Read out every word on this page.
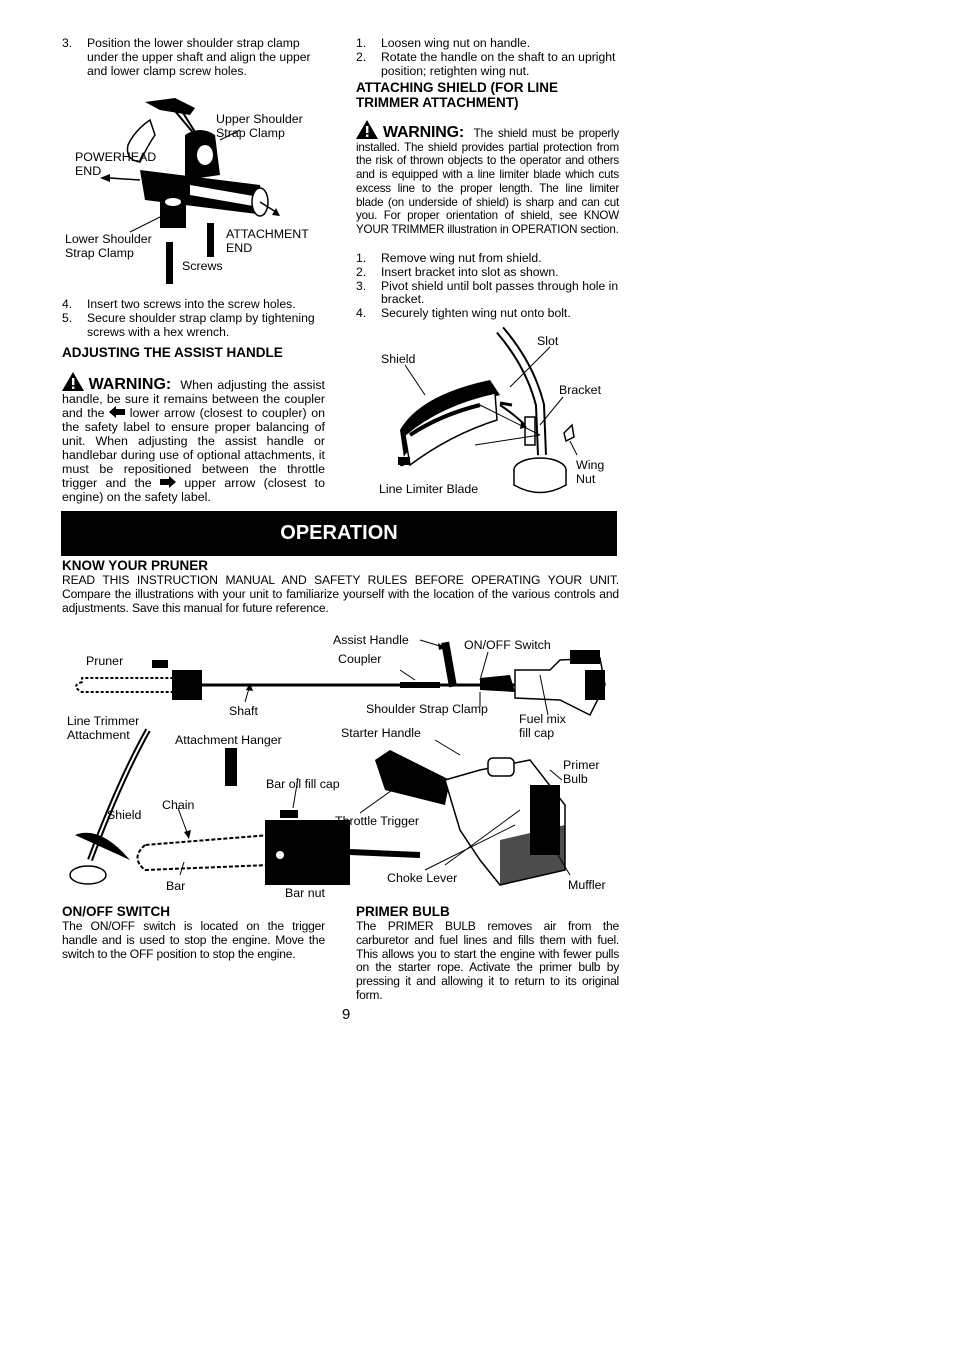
3. Position the lower shoulder strap clamp under the upper shaft and align the upper and lower clamp screw holes.
Upper Shoulder
Strap Clamp
POWERHEAD
END
Lower Shoulder
Strap Clamp
ATTACHMENT
END
Screws
4. Insert two screws into the screw holes.
5. Secure shoulder strap clamp by tightening screws with a hex wrench.
ADJUSTING THE ASSIST HANDLE
WARNING: When adjusting the assist handle, be sure it remains between the coupler and the lower arrow (closest to coupler) on the safety label to ensure proper balancing of unit. When adjusting the assist handle or handlebar during use of optional attachments, it must be repositioned between the throttle trigger and the	upper arrow (closest to engine) on the safety label.
1. Loosen wing nut on handle.
2. Rotate the handle on the shaft to an upright position; retighten wing nut.
ATTACHING SHIELD (FOR LINE TRIMMER ATTACHMENT)
WARNING: The shield must be properly installed. The shield provides partial protection from the risk of thrown objects to the operator and others and is equipped with a line limiter blade which cuts excess line to the proper length. The line limiter blade (on underside of shield) is sharp and can cut you. For proper orientation of shield, see KNOW YOUR TRIMMER illustration in OPERATION section.
1. Remove wing nut from shield.
2. Insert bracket into slot as shown.
3. Pivot shield until bolt passes through hole in bracket.
4. Securely tighten wing nut onto bolt.
Slot
Shield
Bracket
Wing
Nut
Line Limiter Blade
OPERATION
KNOW YOUR PRUNER
READ THIS INSTRUCTION MANUAL AND SAFETY RULES BEFORE OPERATING YOUR UNIT. Compare the illustrations with your unit to familiarize yourself with the location of the various controls and adjustments. Save this manual for future reference.
Assist Handle	ON/OFF Switch
Coupler
Pruner
Shaft	Shoulder Strap Clamp
Fuel mix
fill cap
Line Trimmer
Attachment	Attachment Hanger	Starter Handle
Primer
Bulb
Bar oil fill cap
Chain
Shield	Throttle Trigger
Bar	Bar nut
Choke Lever	Muffler
ON/OFF SWITCH
The ON/OFF switch is located on the trigger handle and is used to stop the engine. Move the switch to the OFF position to stop the engine.
PRIMER BULB
The PRIMER BULB removes air from the carburetor and fuel lines and fills them with fuel. This allows you to start the engine with fewer pulls on the starter rope. Activate the primer bulb by pressing it and allowing it to return to its original form.
9
